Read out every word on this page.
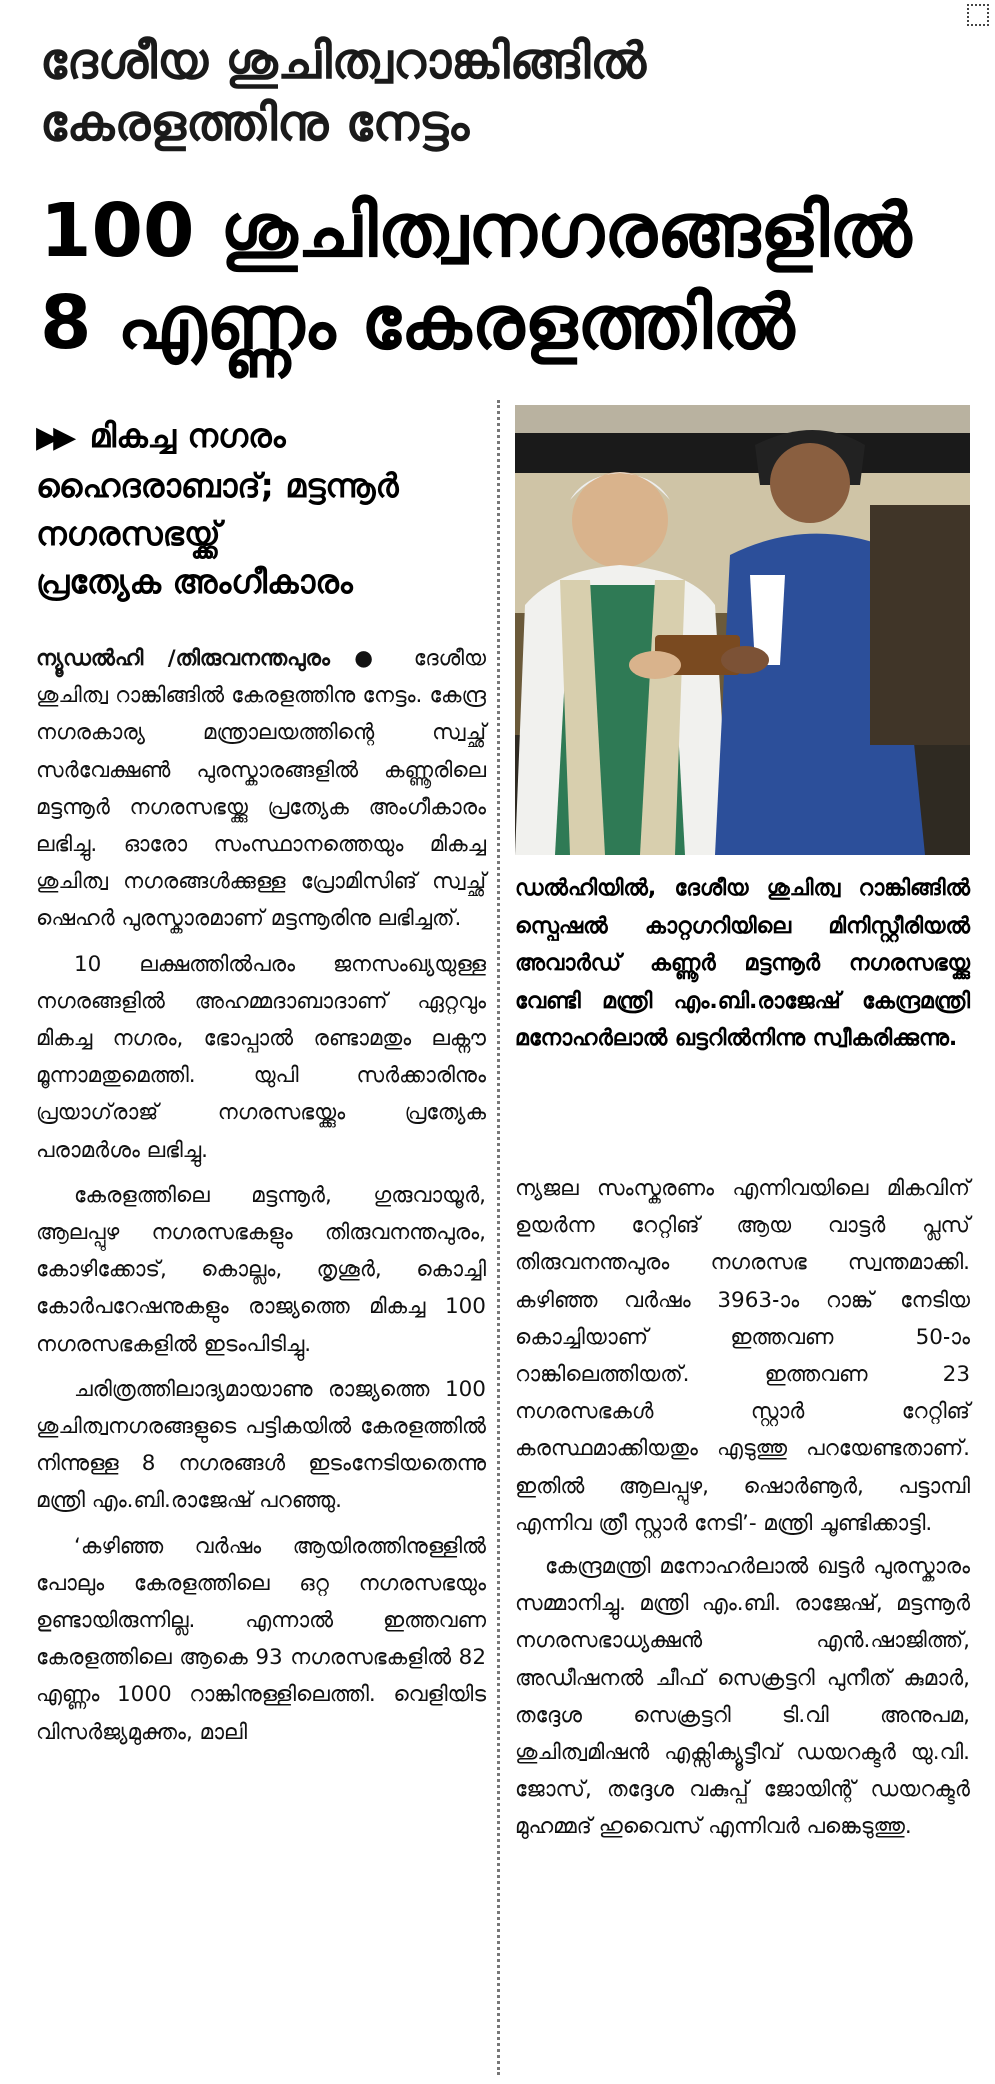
ദേശീയ ശുചിത്വറാങ്കിങ്ങിൽ
കേരളത്തിനു നേട്ടം
100 ശുചിത്വനഗരങ്ങളിൽ
8 എണ്ണം കേരളത്തിൽ
▶▶ മികച്ച നഗരം
ഹൈദരാബാദ്; മട്ടന്നൂർ
നഗരസഭയ്ക്ക്
പ്രത്യേക അംഗീകാരം

ന്യൂഡൽഹി /തിരുവനന്തപുരം ● ദേശീയ ശുചിത്വ റാങ്കിങ്ങിൽ കേരളത്തിനു നേട്ടം. കേന്ദ്ര നഗരകാര്യ മന്ത്രാലയത്തിന്റെ സ്വച്ഛ് സർവേക്ഷൺ പുരസ്കാരങ്ങളിൽ കണ്ണൂരിലെ മട്ടന്നൂർ നഗരസഭയ്ക്കു പ്രത്യേക അംഗീകാരം ലഭിച്ചു. ഓരോ സംസ്ഥാനത്തെയും മികച്ച ശുചിത്വ നഗരങ്ങൾക്കുള്ള പ്രോമിസിങ് സ്വച്ഛ് ഷെഹർ പുരസ്കാരമാണ് മട്ടന്നൂരിനു ലഭിച്ചത്.

10 ലക്ഷത്തിൽപരം ജനസംഖ്യയുള്ള നഗരങ്ങളിൽ അഹമ്മദാബാദാണ് ഏറ്റവും മികച്ച നഗരം, ഭോപ്പാൽ രണ്ടാമതും ലക്നൗ മൂന്നാമതുമെത്തി. യുപി സർക്കാരിനും പ്രയാഗ്‌രാജ് നഗരസഭയ്ക്കും പ്രത്യേക പരാമർശം ലഭിച്ചു.

കേരളത്തിലെ മട്ടന്നൂർ, ഗുരുവായൂർ, ആലപ്പുഴ നഗരസഭകളും തിരുവനന്തപുരം, കോഴിക്കോട്, കൊല്ലം, തൃശൂർ, കൊച്ചി കോർപറേഷനുകളും രാജ്യത്തെ മികച്ച 100 നഗരസഭകളിൽ ഇടംപിടിച്ചു.

ചരിത്രത്തിലാദ്യമായാണു രാജ്യത്തെ 100 ശുചിത്വനഗരങ്ങളുടെ പട്ടികയിൽ കേരളത്തിൽ നിന്നുള്ള 8 നഗരങ്ങൾ ഇടംനേടിയതെന്നു മന്ത്രി എം.ബി.രാജേഷ് പറഞ്ഞു.

‘കഴിഞ്ഞ വർഷം ആയിരത്തിനുള്ളിൽ പോലും കേരളത്തിലെ ഒറ്റ നഗരസഭയും ഉണ്ടായിരുന്നില്ല. എന്നാൽ ഇത്തവണ കേരളത്തിലെ ആകെ 93 നഗരസഭകളിൽ 82 എണ്ണം 1000 റാങ്കിനുള്ളിലെത്തി. വെളിയിട വിസർജ്യമുക്തം, മാലി

ഡൽഹിയിൽ, ദേശീയ ശുചിത്വ റാങ്കിങ്ങിൽ സ്പെഷൽ കാറ്റഗറിയിലെ മിനിസ്റ്റീരിയൽ അവാർഡ് കണ്ണൂർ മട്ടന്നൂർ നഗരസഭയ്ക്കു വേണ്ടി മന്ത്രി എം.ബി.രാജേഷ് കേന്ദ്രമന്ത്രി മനോഹർലാൽ ഖട്ടറിൽനിന്നു സ്വീകരിക്കുന്നു.

ന്യജല സംസ്കരണം എന്നിവയിലെ മികവിന് ഉയർന്ന റേറ്റിങ് ആയ വാട്ടർ പ്ലസ് തിരുവനന്തപുരം നഗരസഭ സ്വന്തമാക്കി. കഴിഞ്ഞ വർഷം 3963-ാം റാങ്ക് നേടിയ കൊച്ചിയാണ് ഇത്തവണ 50-ാം റാങ്കിലെത്തിയത്. ഇത്തവണ 23 നഗരസഭകൾ സ്റ്റാർ റേറ്റിങ് കരസ്ഥമാക്കിയതും എടുത്തു പറയേണ്ടതാണ്. ഇതിൽ ആലപ്പുഴ, ഷൊർണൂർ, പട്ടാമ്പി എന്നിവ ത്രീ സ്റ്റാർ നേടി’- മന്ത്രി ചൂണ്ടിക്കാട്ടി.

കേന്ദ്രമന്ത്രി മനോഹർലാൽ ഖട്ടർ പുരസ്കാരം സമ്മാനിച്ചു. മന്ത്രി എം.ബി. രാജേഷ്, മട്ടന്നൂർ നഗരസഭാധ്യക്ഷൻ എൻ.ഷാജിത്ത്, അഡീഷനൽ ചീഫ് സെക്രട്ടറി പുനീത് കുമാർ, തദ്ദേശ സെക്രട്ടറി ടി.വി അനുപമ, ശുചിത്വമിഷൻ എക്സിക്യൂട്ടീവ് ഡയറക്ടർ യു.വി. ജോസ്, തദ്ദേശ വകുപ്പ് ജോയിന്റ് ഡയറക്ടർ മുഹമ്മദ് ഹുവൈസ് എന്നിവർ പങ്കെടുത്തു.
